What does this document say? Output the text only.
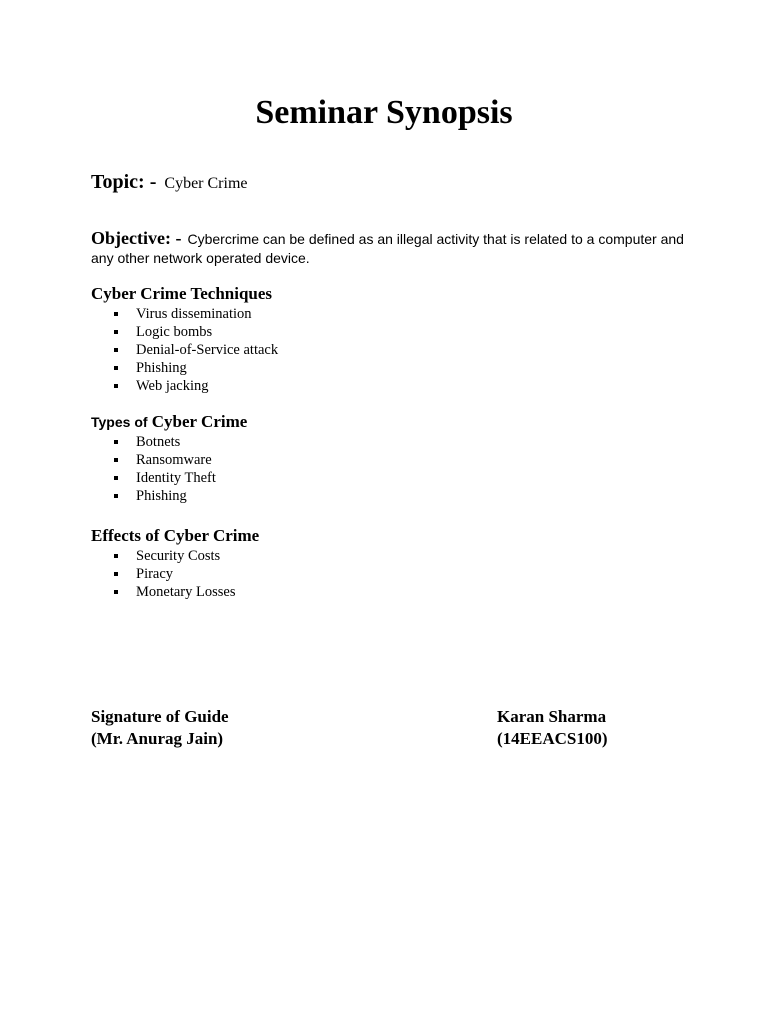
Seminar Synopsis
Topic: - Cyber Crime
Objective: - Cybercrime can be defined as an illegal activity that is related to a computer and any other network operated device.
Cyber Crime Techniques
Virus dissemination
Logic bombs
Denial-of-Service attack
Phishing
Web jacking
Types of Cyber Crime
Botnets
Ransomware
Identity Theft
Phishing
Effects of Cyber Crime
Security Costs
Piracy
Monetary Losses
Signature of Guide
(Mr. Anurag Jain)
Karan Sharma
(14EEACS100)
